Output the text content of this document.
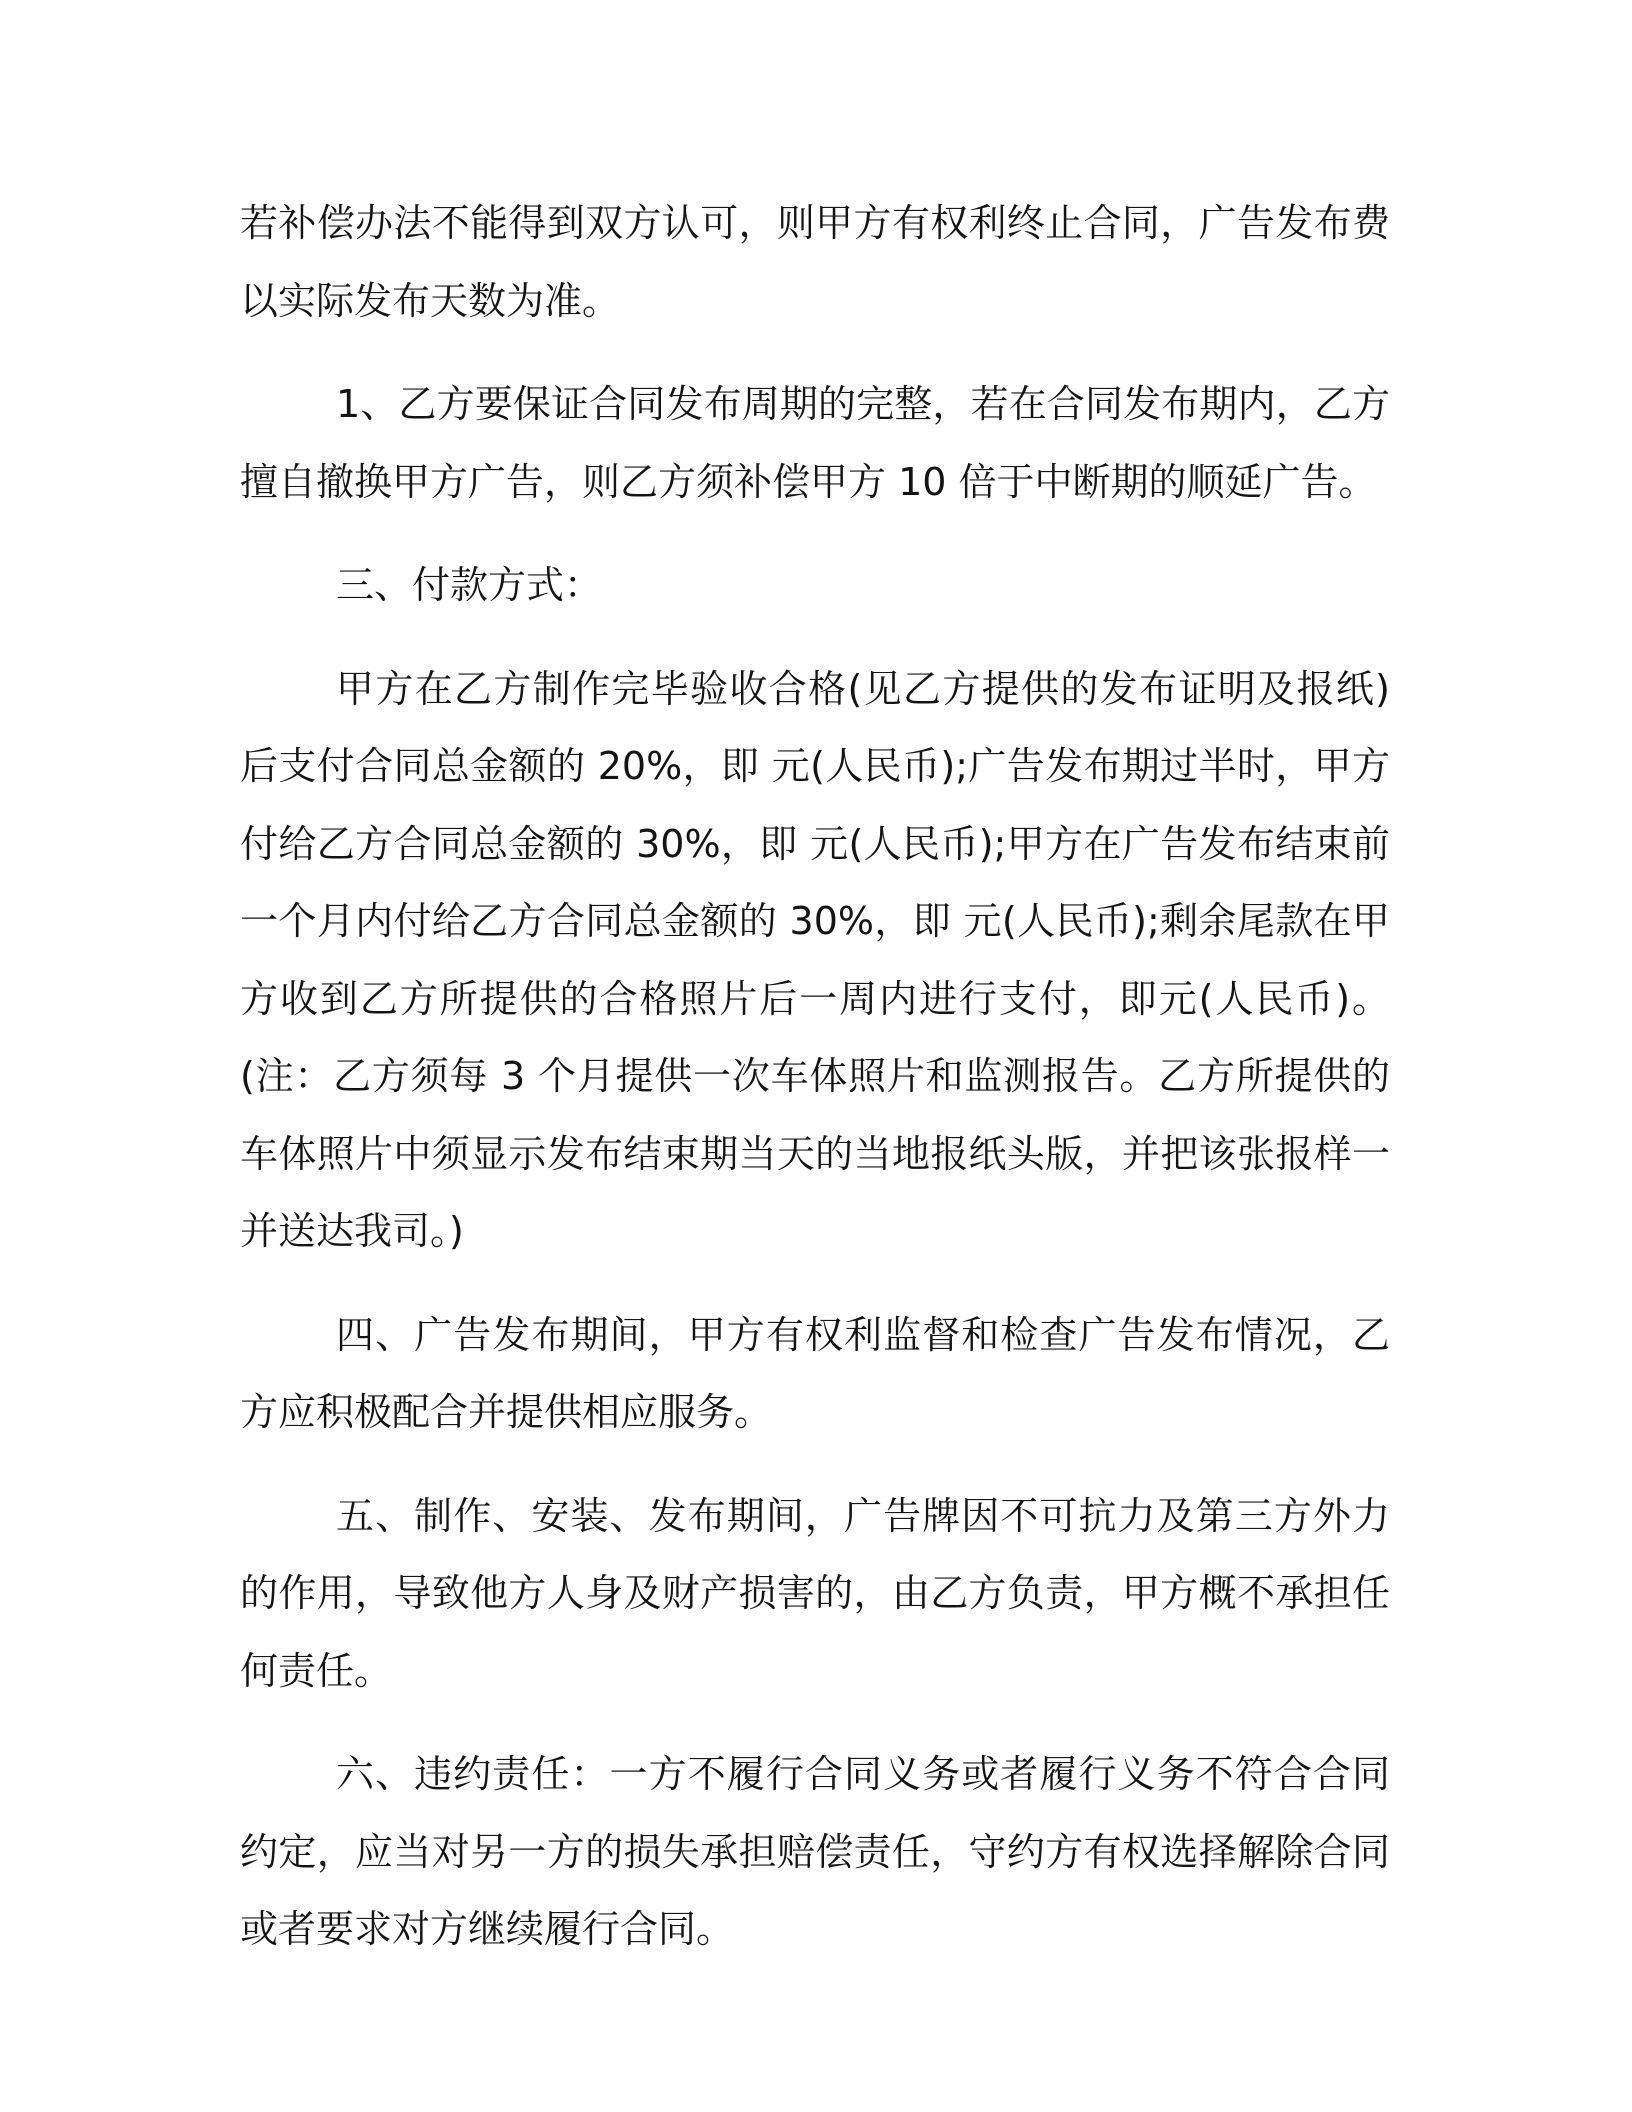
若补偿办法不能得到双方认可，则甲方有权利终止合同，广告发布费以实际发布天数为准。

1、乙方要保证合同发布周期的完整，若在合同发布期内，乙方擅自撤换甲方广告，则乙方须补偿甲方 10 倍于中断期的顺延广告。

三、付款方式：

甲方在乙方制作完毕验收合格(见乙方提供的发布证明及报纸)后支付合同总金额的 20%，即 元(人民币);广告发布期过半时，甲方付给乙方合同总金额的 30%，即 元(人民币);甲方在广告发布结束前一个月内付给乙方合同总金额的 30%，即 元(人民币);剩余尾款在甲方收到乙方所提供的合格照片后一周内进行支付，即元(人民币)。(注：乙方须每 3 个月提供一次车体照片和监测报告。乙方所提供的车体照片中须显示发布结束期当天的当地报纸头版，并把该张报样一并送达我司。)

四、广告发布期间，甲方有权利监督和检查广告发布情况，乙方应积极配合并提供相应服务。

五、制作、安装、发布期间，广告牌因不可抗力及第三方外力的作用，导致他方人身及财产损害的，由乙方负责，甲方概不承担任何责任。

六、违约责任：一方不履行合同义务或者履行义务不符合合同约定，应当对另一方的损失承担赔偿责任，守约方有权选择解除合同或者要求对方继续履行合同。
